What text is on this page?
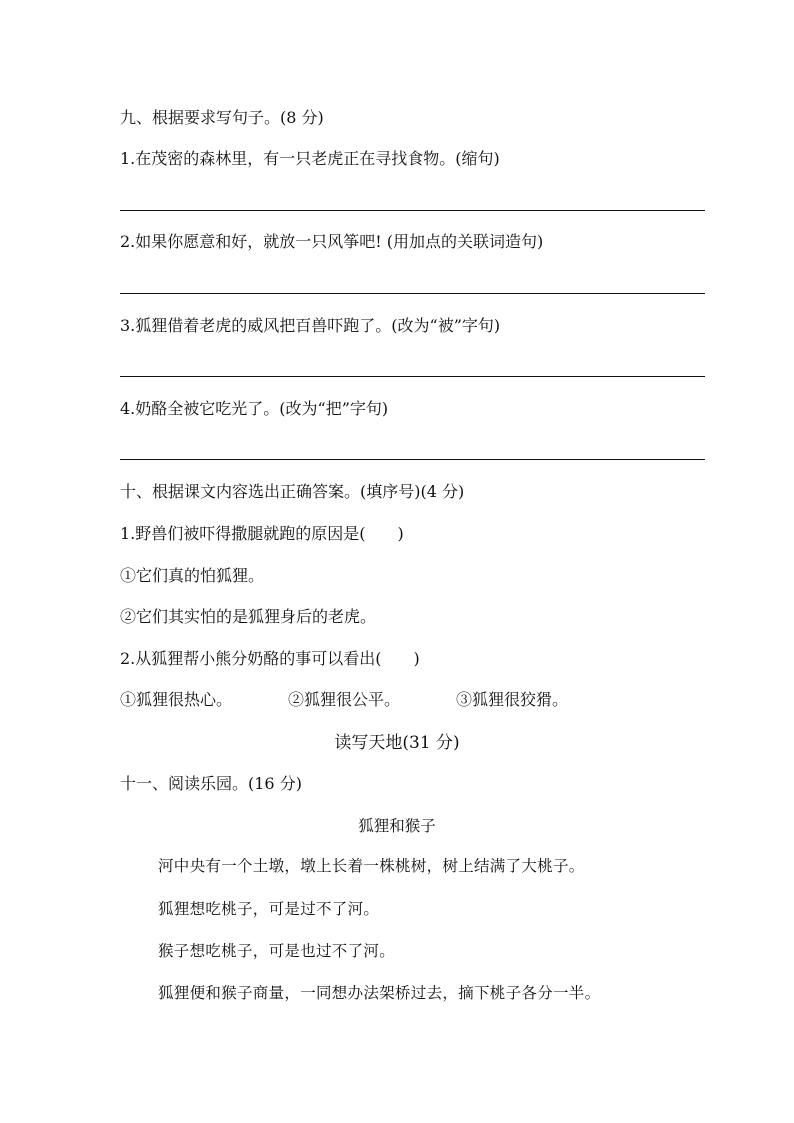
九、根据要求写句子。(8 分)
1.在茂密的森林里，有一只老虎正在寻找食物。(缩句)
2.如果你愿意和好，就放一只风筝吧! (用加点的关联词造句)
3.狐狸借着老虎的威风把百兽吓跑了。(改为“被”字句)
4.奶酪全被它吃光了。(改为“把”字句)
十、根据课文内容选出正确答案。(填序号)(4 分)
1.野兽们被吓得撒腿就跑的原因是(　　)
①它们真的怕狐狸。
②它们其实怕的是狐狸身后的老虎。
2.从狐狸帮小熊分奶酪的事可以看出(　　)
①狐狸很热心。	②狐狸很公平。	③狐狸很狡猾。
读写天地(31 分)
十一、阅读乐园。(16 分)
狐狸和猴子
河中央有一个土墩，墩上长着一株桃树，树上结满了大桃子。
狐狸想吃桃子，可是过不了河。
猴子想吃桃子，可是也过不了河。
狐狸便和猴子商量，一同想办法架桥过去，摘下桃子各分一半。
